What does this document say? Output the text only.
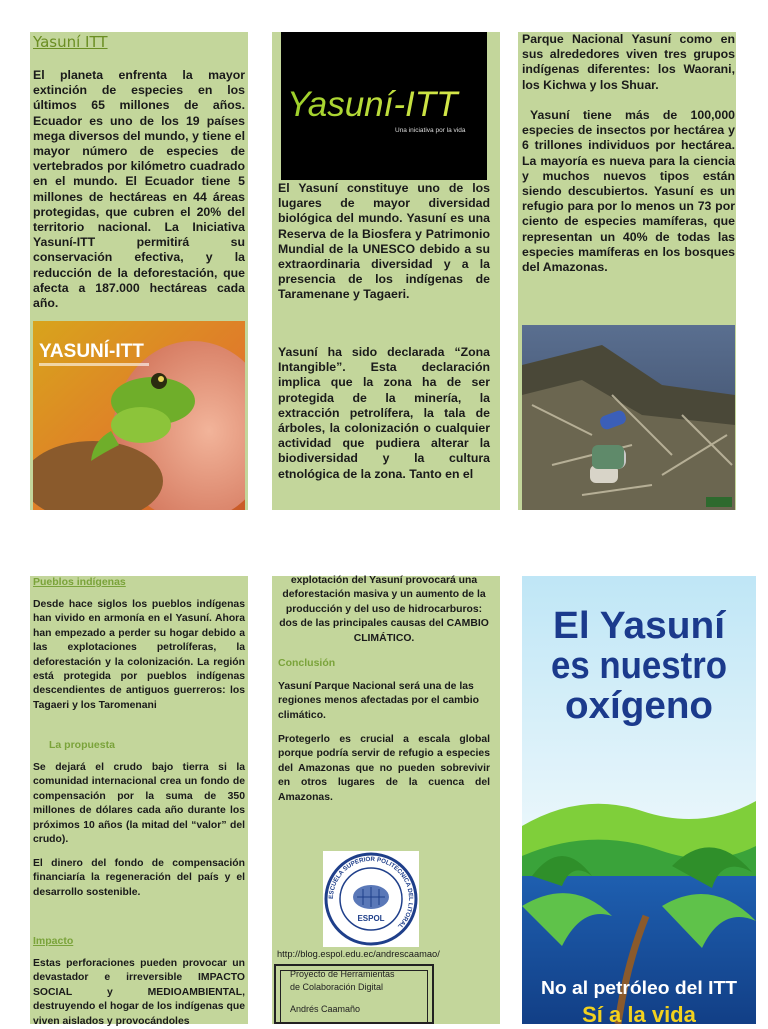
Yasuní ITT

El planeta enfrenta la mayor extinción de especies en los últimos 65 millones de años. Ecuador es uno de los 19 países mega diversos del mundo, y tiene el mayor número de especies de vertebrados por kilómetro cuadrado en el mundo. El Ecuador tiene 5 millones de hectáreas en 44 áreas protegidas, que cubren el 20% del territorio nacional. La Iniciativa Yasuní-ITT permitirá su conservación efectiva, y la reducción de la deforestación, que afecta a 187.000 hectáreas cada año.

YASUNÍ-ITT
Yasuní-ITT
Una iniciativa por la vida

El Yasuní constituye uno de los lugares de mayor diversidad biológica del mundo. Yasuní es una Reserva de la Biosfera y Patrimonio Mundial de la UNESCO debido a su extraordinaria diversidad y a la presencia de los indígenas de Taramenane y Tagaeri.

Yasuní ha sido declarada “Zona Intangible”. Esta declaración implica que la zona ha de ser protegida de la minería, la extracción petrolífera, la tala de árboles, la colonización o cualquier actividad que pudiera alterar la biodiversidad y la cultura etnológica de la zona. Tanto en el

Parque Nacional Yasuní como en sus alrededores viven tres grupos indígenas diferentes: los Waorani, los Kichwa y los Shuar.

Yasuní tiene más de 100,000 especies de insectos por hectárea y 6 trillones individuos por hectárea. La mayoría es nueva para la ciencia y muchos nuevos tipos están siendo descubiertos. Yasuní es un refugio para por lo menos un 73 por ciento de especies mamíferas, que representan un 40% de todas las especies mamíferas en los bosques del Amazonas.

Pueblos indígenas

Desde hace siglos los pueblos indígenas han vivido en armonía en el Yasuní. Ahora han empezado a perder su hogar debido a las explotaciones petrolíferas, la deforestación y la colonización. La región está protegida por pueblos indígenas descendientes de antiguos guerreros: los Tagaeri y los Taromenani

La propuesta

Se dejará el crudo bajo tierra si la comunidad internacional crea un fondo de compensación por la suma de 350 millones de dólares cada año durante los próximos 10 años (la mitad del “valor” del crudo).

El dinero del fondo de compensación financiaría la regeneración del país y el desarrollo sostenible.

Impacto

Estas perforaciones pueden provocar un devastador e irreversible IMPACTO SOCIAL y MEDIOAMBIENTAL, destruyendo el hogar de los indígenas que viven aislados y provocándoles

explotación del Yasuní provocará una deforestación masiva y un aumento de la producción y del uso de hidrocarburos: dos de las principales causas del CAMBIO CLIMÁTICO.

Conclusión

Yasuní Parque Nacional será una de las regiones menos afectadas por el cambio climático.

Protegerlo es crucial a escala global porque podría servir de refugio a especies del Amazonas que no pueden sobrevivir en otros lugares de la cuenca del Amazonas.

ESCUELA SUPERIOR POLITÉCNICA DEL LITORAL
ESPOL
http://blog.espol.edu.ec/andrescaamao/
Proyecto de Herramientas
de Colaboración Digital
Andrés Caamaño
El Yasuní
es nuestro
oxígeno
No al petróleo del ITT
Sí a la vida
